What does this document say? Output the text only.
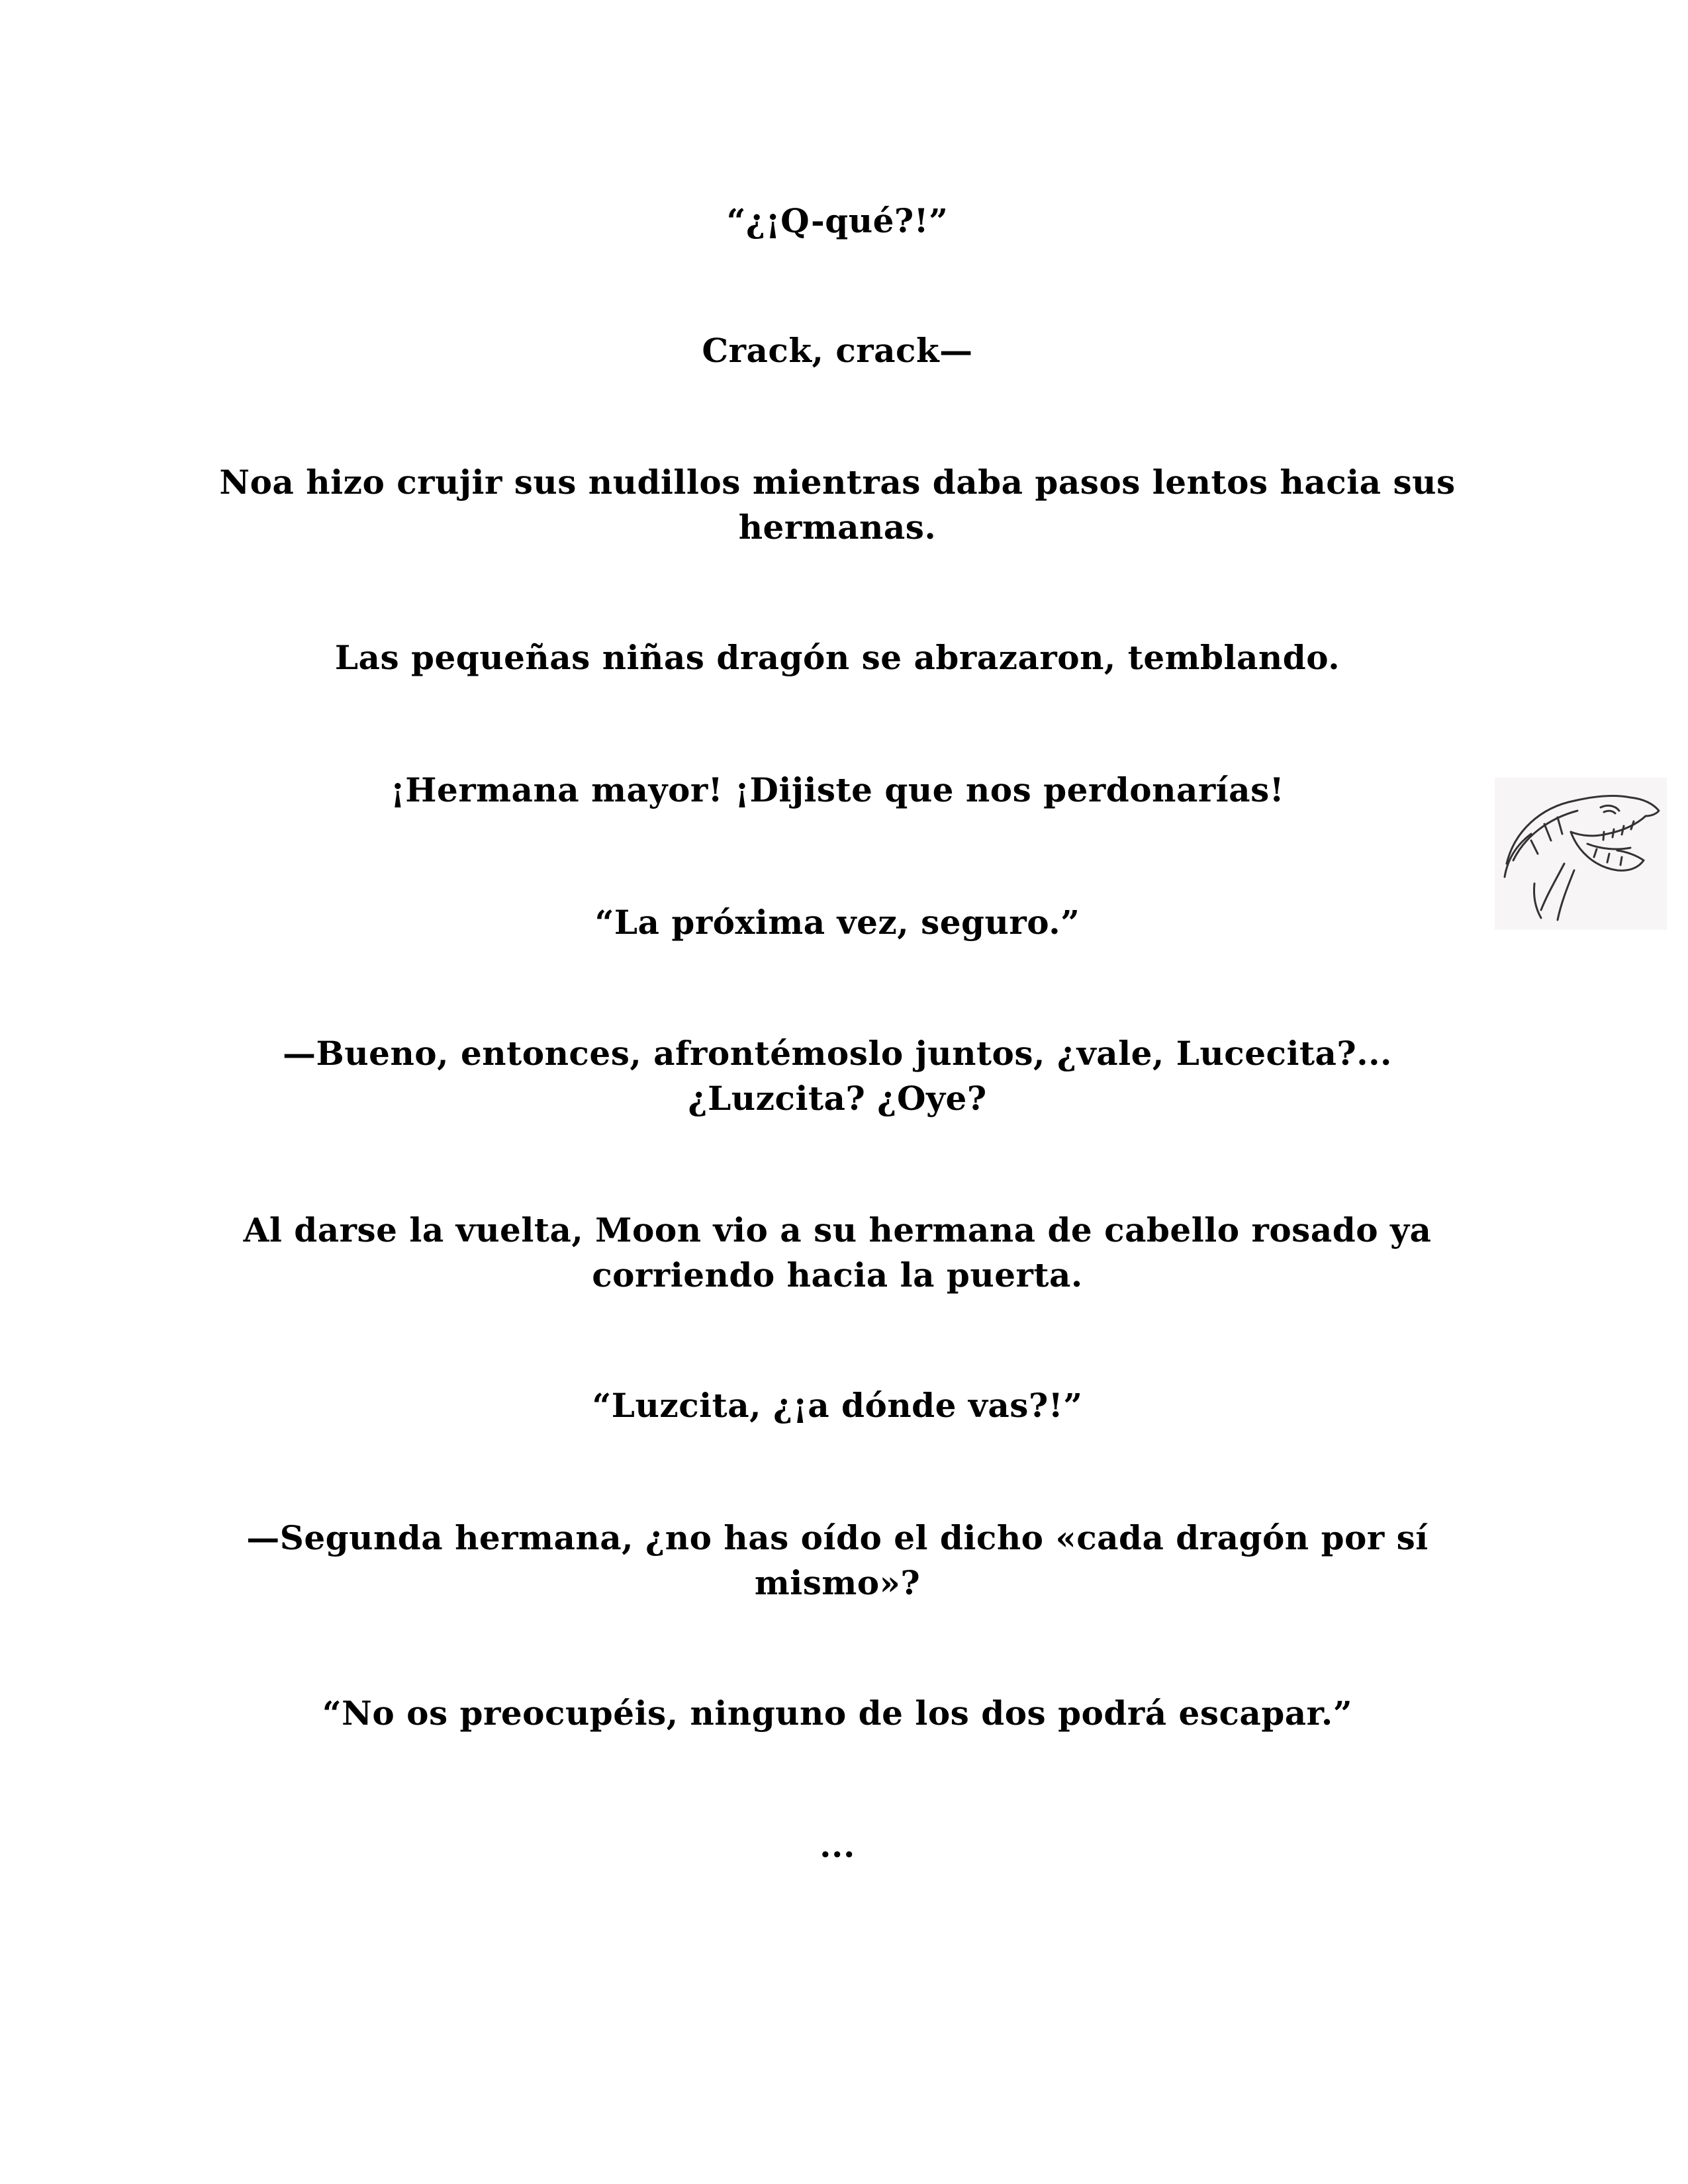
“¿¡Q-qué?!”

Crack, crack—

Noa hizo crujir sus nudillos mientras daba pasos lentos hacia sus hermanas.

Las pequeñas niñas dragón se abrazaron, temblando.

¡Hermana mayor! ¡Dijiste que nos perdonarías!

“La próxima vez, seguro.”

—Bueno, entonces, afrontémoslo juntos, ¿vale, Lucecita?... ¿Luzcita? ¿Oye?

Al darse la vuelta, Moon vio a su hermana de cabello rosado ya corriendo hacia la puerta.

“Luzcita, ¿¡a dónde vas?!”

—Segunda hermana, ¿no has oído el dicho «cada dragón por sí mismo»?

“No os preocupéis, ninguno de los dos podrá escapar.”

...
